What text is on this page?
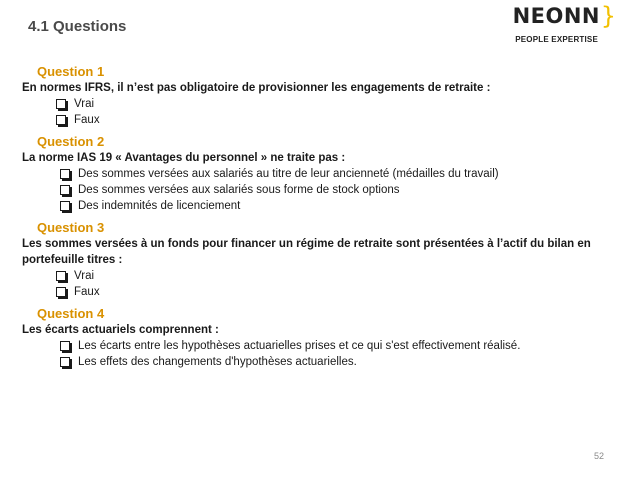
4.1 Questions	NEONN }
PEOPLE EXPERTISE
Question 1
En normes IFRS, il n’est pas obligatoire de provisionner les engagements de retraite :
Vrai
Faux
Question 2
La norme IAS 19 « Avantages du personnel » ne traite pas :
Des sommes versées aux salariés au titre de leur ancienneté (médailles du travail)
Des sommes versées aux salariés sous forme de stock options
Des indemnités de licenciement
Question 3
Les sommes versées à un fonds pour financer un régime de retraite sont présentées à l’actif du bilan en portefeuille titres :
Vrai
Faux
Question 4
Les écarts actuariels comprennent :
Les écarts entre les hypothèses actuarielles prises et ce qui s'est effectivement réalisé.
Les effets des changements d'hypothèses actuarielles.
52
